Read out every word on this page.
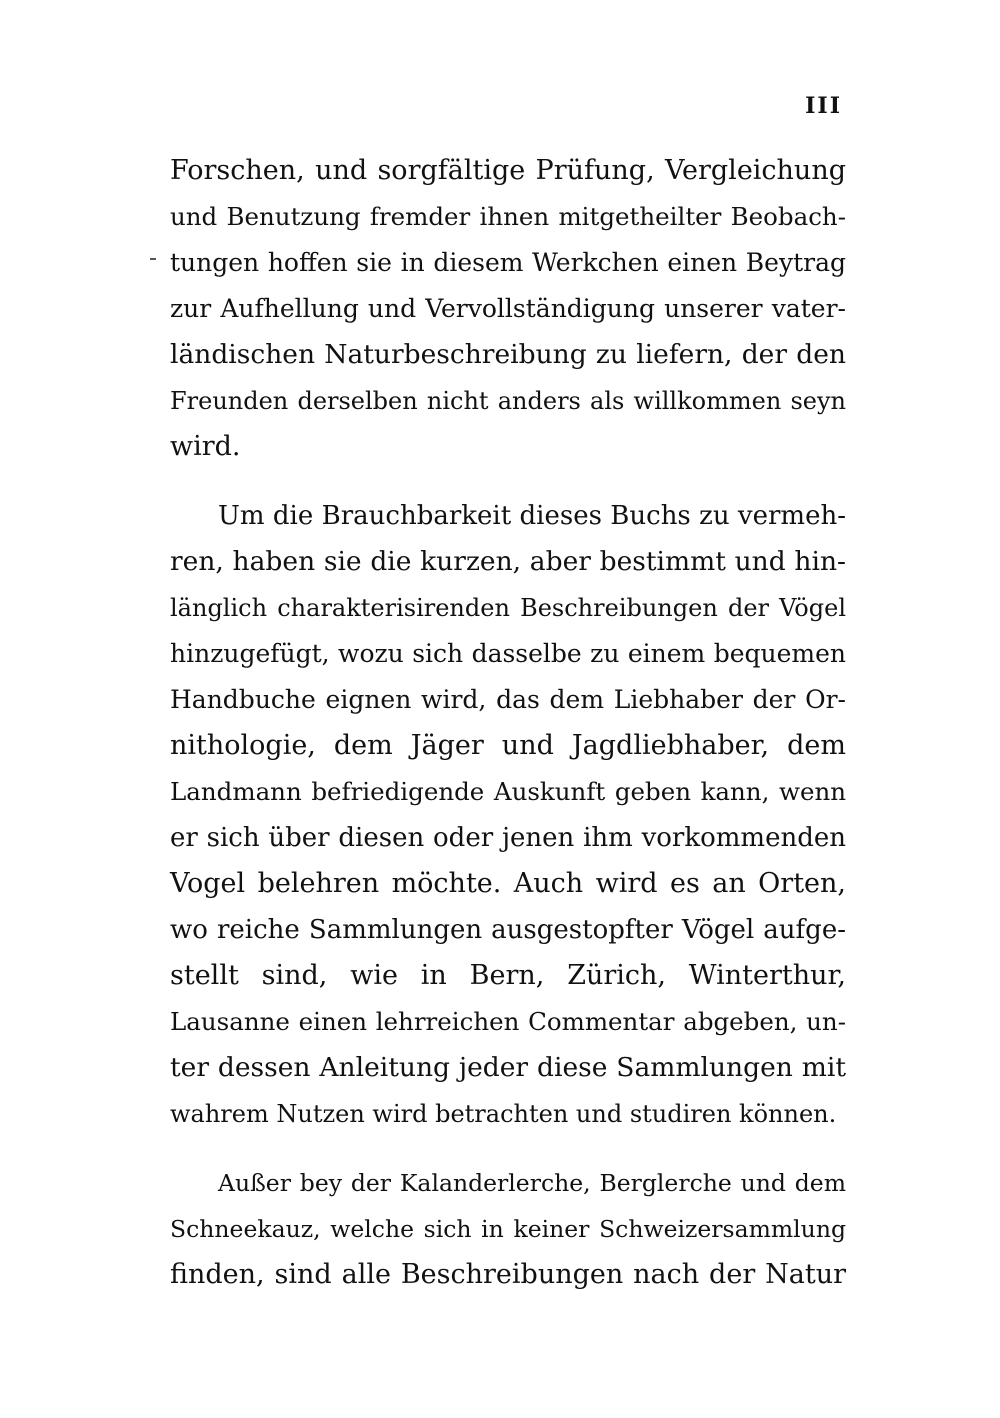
III
Forschen, und sorgfältige Prüfung, Vergleichung
und Benutzung fremder ihnen mitgetheilter Beobach-
tungen hoffen sie in diesem Werkchen einen Beytrag
zur Aufhellung und Vervollständigung unserer vater-
ländischen Naturbeschreibung zu liefern, der den
Freunden derselben nicht anders als willkommen seyn
wird.
Um die Brauchbarkeit dieses Buchs zu vermeh-
ren, haben sie die kurzen, aber bestimmt und hin-
länglich charakterisirenden Beschreibungen der Vögel
hinzugefügt, wozu sich dasselbe zu einem bequemen
Handbuche eignen wird, das dem Liebhaber der Or-
nithologie, dem Jäger und Jagdliebhaber, dem
Landmann befriedigende Auskunft geben kann, wenn
er sich über diesen oder jenen ihm vorkommenden
Vogel belehren möchte. Auch wird es an Orten,
wo reiche Sammlungen ausgestopfter Vögel aufge-
stellt sind, wie in Bern, Zürich, Winterthur,
Lausanne einen lehrreichen Commentar abgeben, un-
ter dessen Anleitung jeder diese Sammlungen mit
wahrem Nutzen wird betrachten und studiren können.
Außer bey der Kalanderlerche, Berglerche und dem
Schneekauz, welche sich in keiner Schweizersammlung
finden, sind alle Beschreibungen nach der Natur
